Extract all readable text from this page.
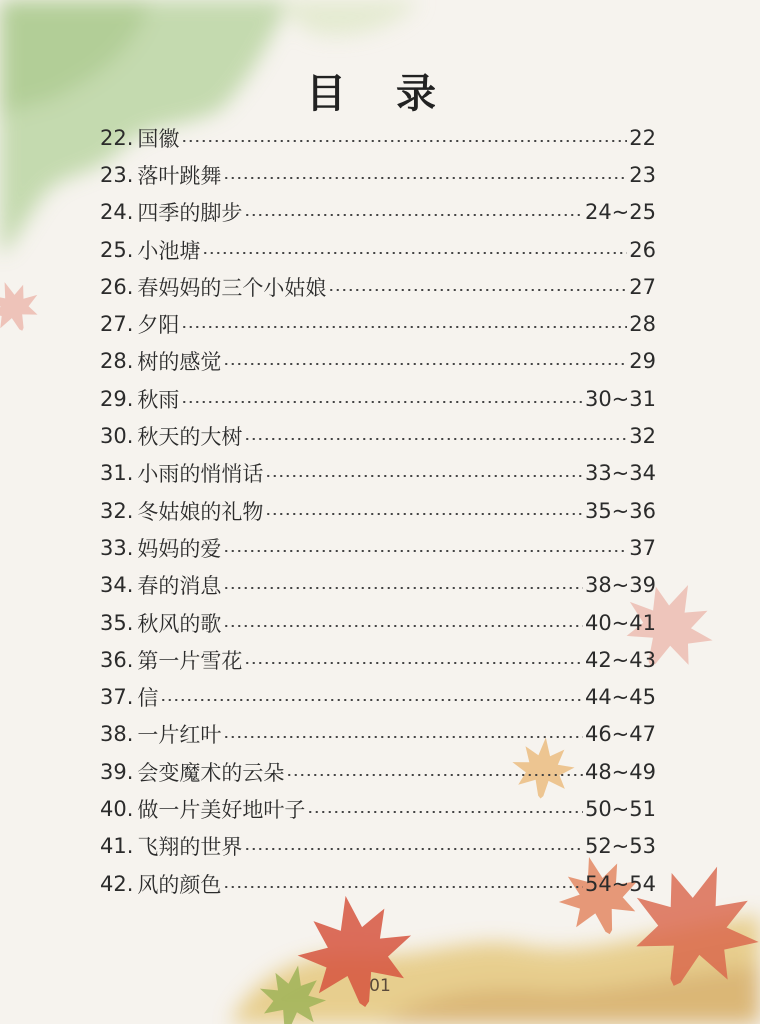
目 录
22. 国徽	22
23. 落叶跳舞	23
24. 四季的脚步	24~25
25. 小池塘	26
26. 春妈妈的三个小姑娘	27
27. 夕阳	28
28. 树的感觉	29
29. 秋雨	30~31
30. 秋天的大树	32
31. 小雨的悄悄话	33~34
32. 冬姑娘的礼物	35~36
33. 妈妈的爱	37
34. 春的消息	38~39
35. 秋风的歌	40~41
36. 第一片雪花	42~43
37. 信	44~45
38. 一片红叶	46~47
39. 会变魔术的云朵	48~49
40. 做一片美好地叶子	50~51
41. 飞翔的世界	52~53
42. 风的颜色	54~54
01
